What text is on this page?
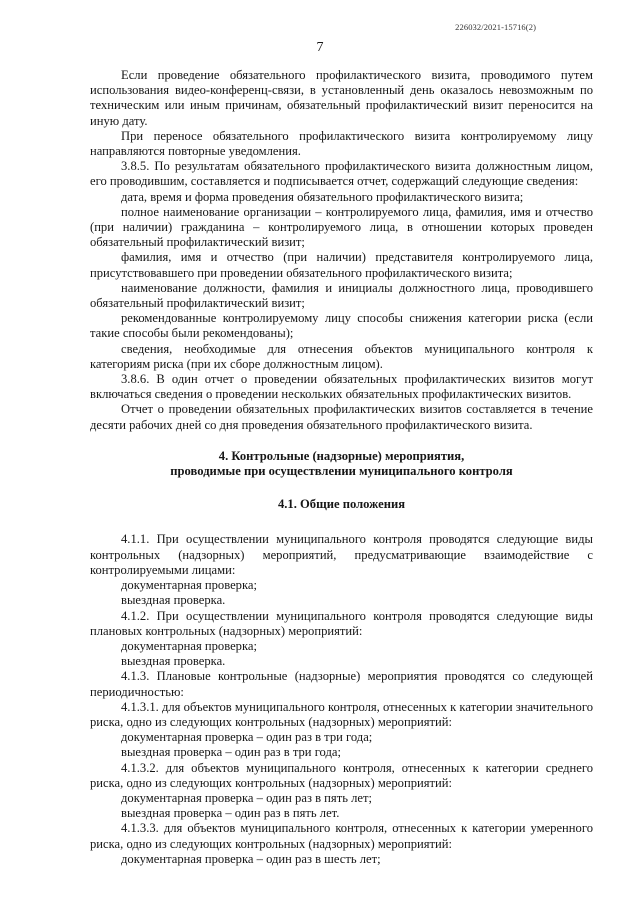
226032/2021-15716(2)
7

Если проведение обязательного профилактического визита, проводимого путем использования видео-конференц-связи, в установленный день оказалось невозможным по техническим или иным причинам, обязательный профилактический визит переносится на иную дату.

При переносе обязательного профилактического визита контролируемому лицу направляются повторные уведомления.

3.8.5. По результатам обязательного профилактического визита должностным лицом, его проводившим, составляется и подписывается отчет, содержащий следующие сведения:

дата, время и форма проведения обязательного профилактического визита;

полное наименование организации – контролируемого лица, фамилия, имя и отчество (при наличии) гражданина – контролируемого лица, в отношении которых проведен обязательный профилактический визит;

фамилия, имя и отчество (при наличии) представителя контролируемого лица, присутствовавшего при проведении обязательного профилактического визита;

наименование должности, фамилия и инициалы должностного лица, проводившего обязательный профилактический визит;

рекомендованные контролируемому лицу способы снижения категории риска (если такие способы были рекомендованы);

сведения, необходимые для отнесения объектов муниципального контроля к категориям риска (при их сборе должностным лицом).

3.8.6. В один отчет о проведении обязательных профилактических визитов могут включаться сведения о проведении нескольких обязательных профилактических визитов.

Отчет о проведении обязательных профилактических визитов составляется в течение десяти рабочих дней со дня проведения обязательного профилактического визита.

4. Контрольные (надзорные) мероприятия,

проводимые при осуществлении муниципального контроля

4.1. Общие положения

4.1.1. При осуществлении муниципального контроля проводятся следующие виды контрольных (надзорных) мероприятий, предусматривающие взаимодействие с контролируемыми лицами:

документарная проверка;

выездная проверка.

4.1.2. При осуществлении муниципального контроля проводятся следующие виды плановых контрольных (надзорных) мероприятий:

документарная проверка;

выездная проверка.

4.1.3. Плановые контрольные (надзорные) мероприятия проводятся со следующей периодичностью:

4.1.3.1. для объектов муниципального контроля, отнесенных к категории значительного риска, одно из следующих контрольных (надзорных) мероприятий:

документарная проверка – один раз в три года;

выездная проверка – один раз в три года;

4.1.3.2. для объектов муниципального контроля, отнесенных к категории среднего риска, одно из следующих контрольных (надзорных) мероприятий:

документарная проверка – один раз в пять лет;

выездная проверка – один раз в пять лет.

4.1.3.3. для объектов муниципального контроля, отнесенных к категории умеренного риска, одно из следующих контрольных (надзорных) мероприятий:

документарная проверка – один раз в шесть лет;
